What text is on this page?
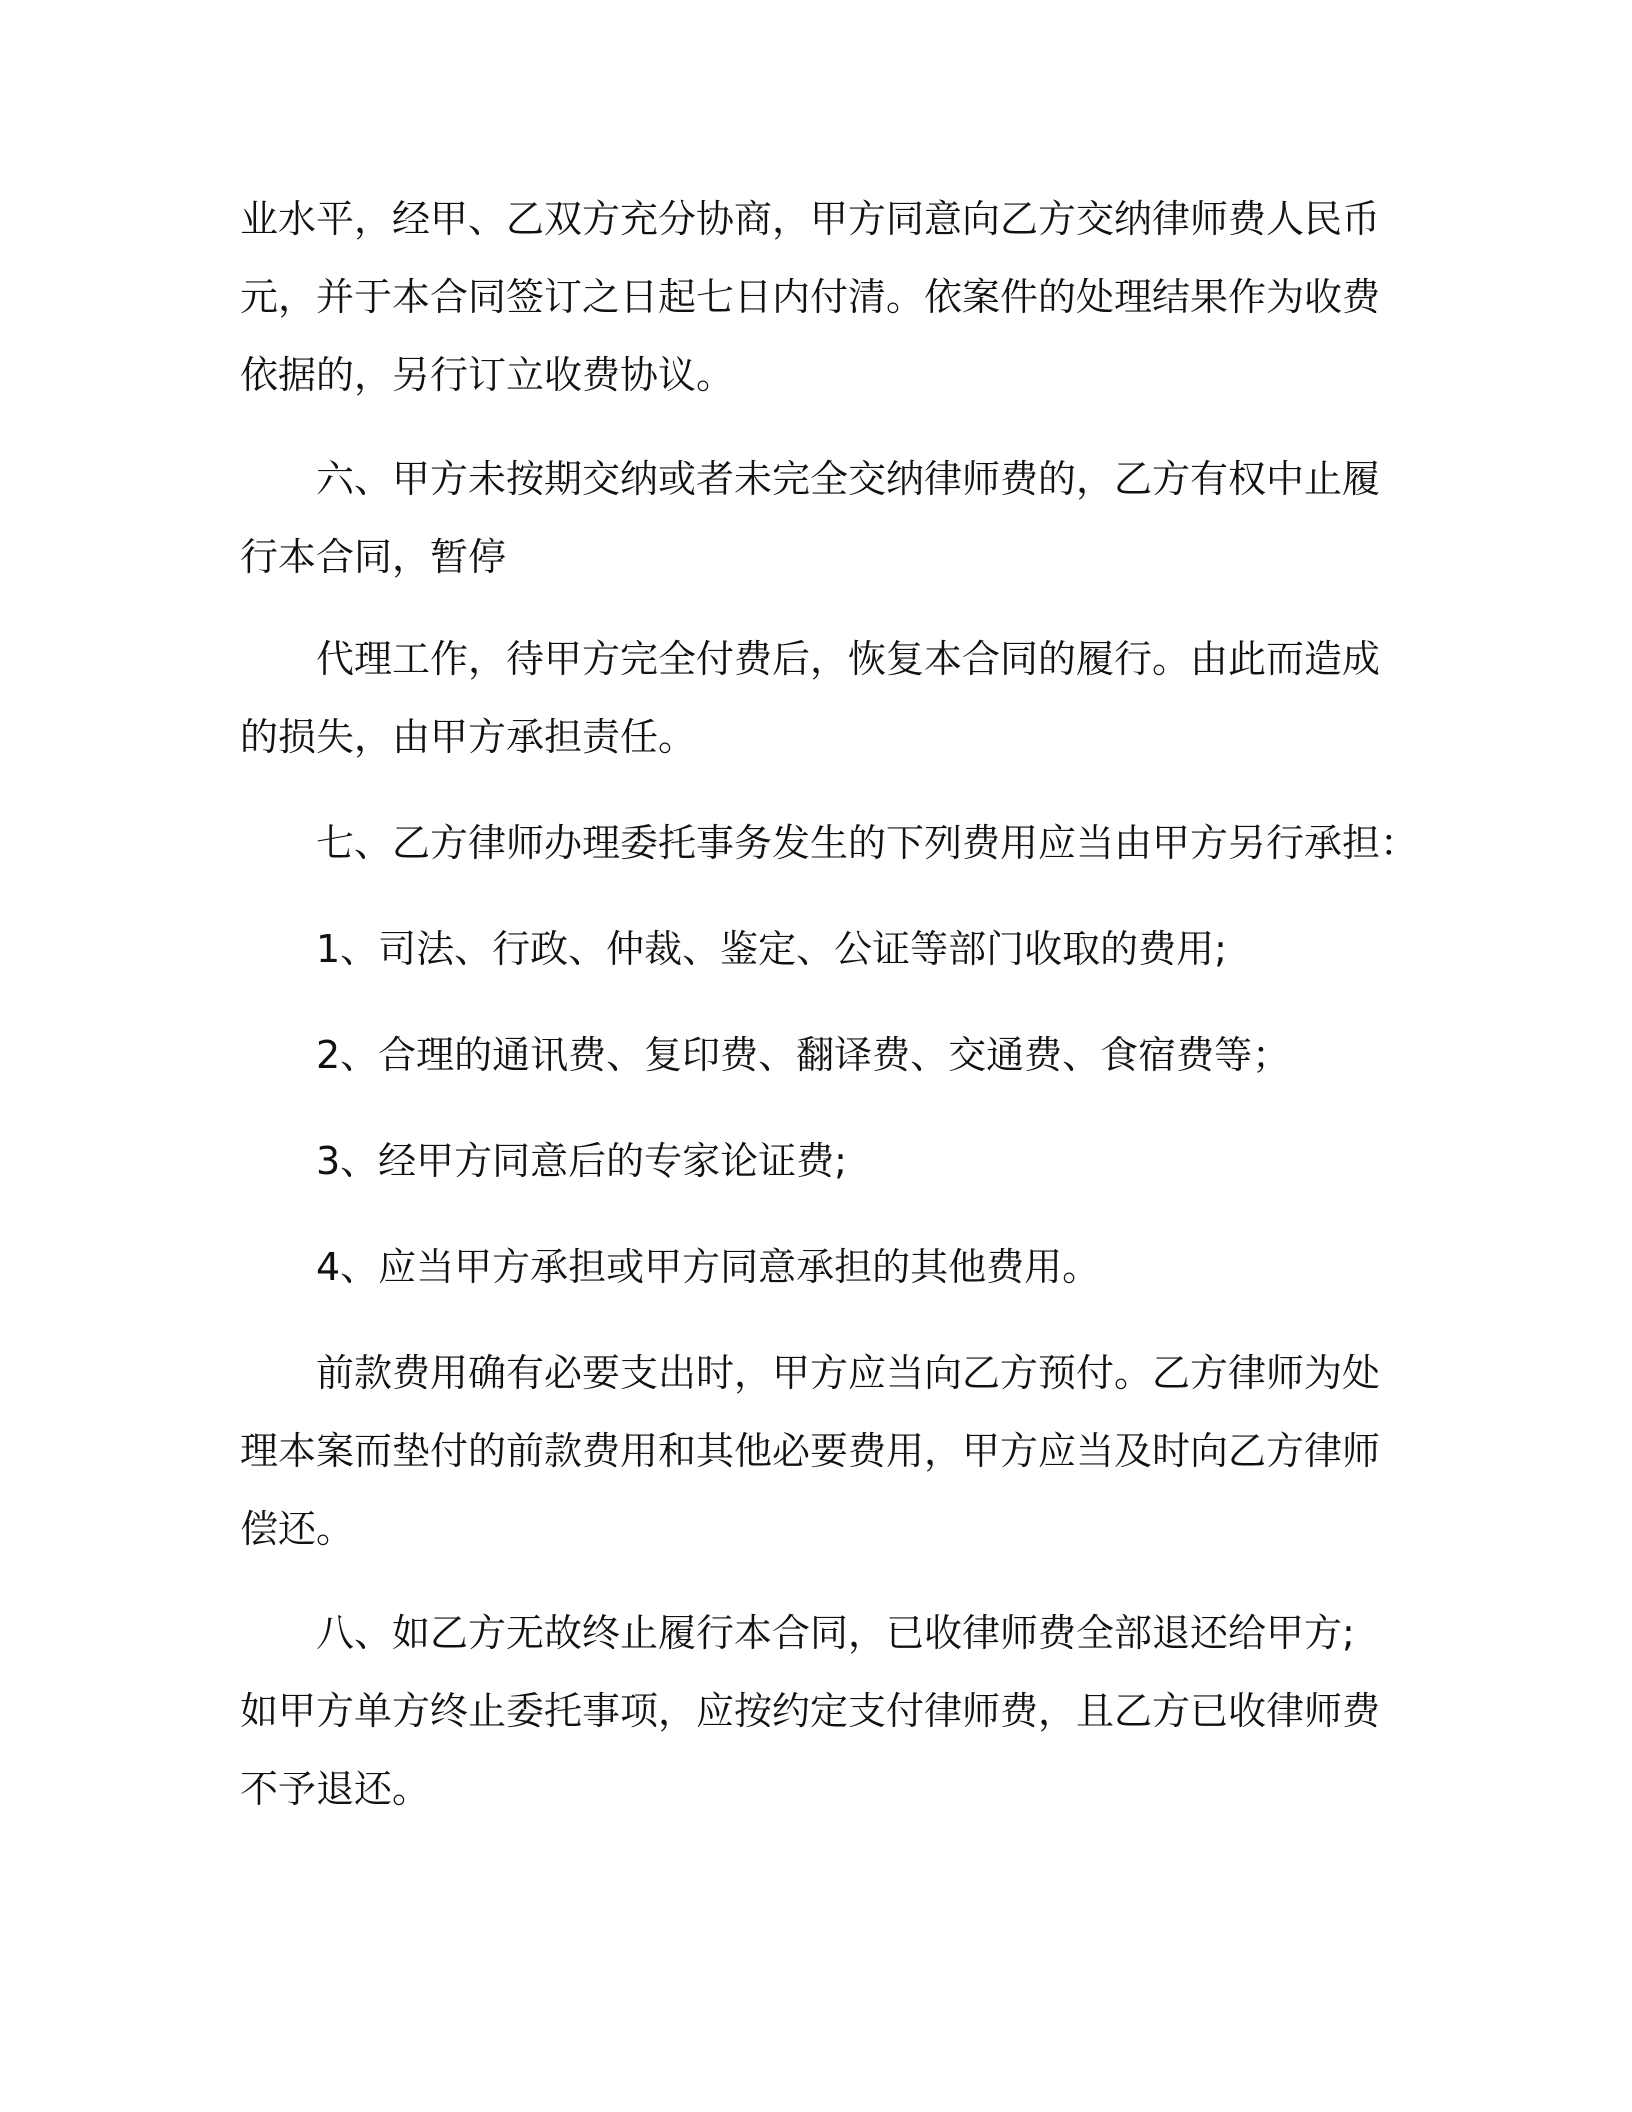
业水平，经甲、乙双方充分协商，甲方同意向乙方交纳律师费人民币
元，并于本合同签订之日起七日内付清。依案件的处理结果作为收费
依据的，另行订立收费协议。
　　六、甲方未按期交纳或者未完全交纳律师费的，乙方有权中止履
行本合同，暂停
　　代理工作，待甲方完全付费后，恢复本合同的履行。由此而造成
的损失，由甲方承担责任。
　　七、乙方律师办理委托事务发生的下列费用应当由甲方另行承担：
　　1、司法、行政、仲裁、鉴定、公证等部门收取的费用;
　　2、合理的通讯费、复印费、翻译费、交通费、食宿费等；
　　3、经甲方同意后的专家论证费;
　　4、应当甲方承担或甲方同意承担的其他费用。
　　前款费用确有必要支出时，甲方应当向乙方预付。乙方律师为处
理本案而垫付的前款费用和其他必要费用，甲方应当及时向乙方律师
偿还。
　　八、如乙方无故终止履行本合同，已收律师费全部退还给甲方;
如甲方单方终止委托事项，应按约定支付律师费，且乙方已收律师费
不予退还。
